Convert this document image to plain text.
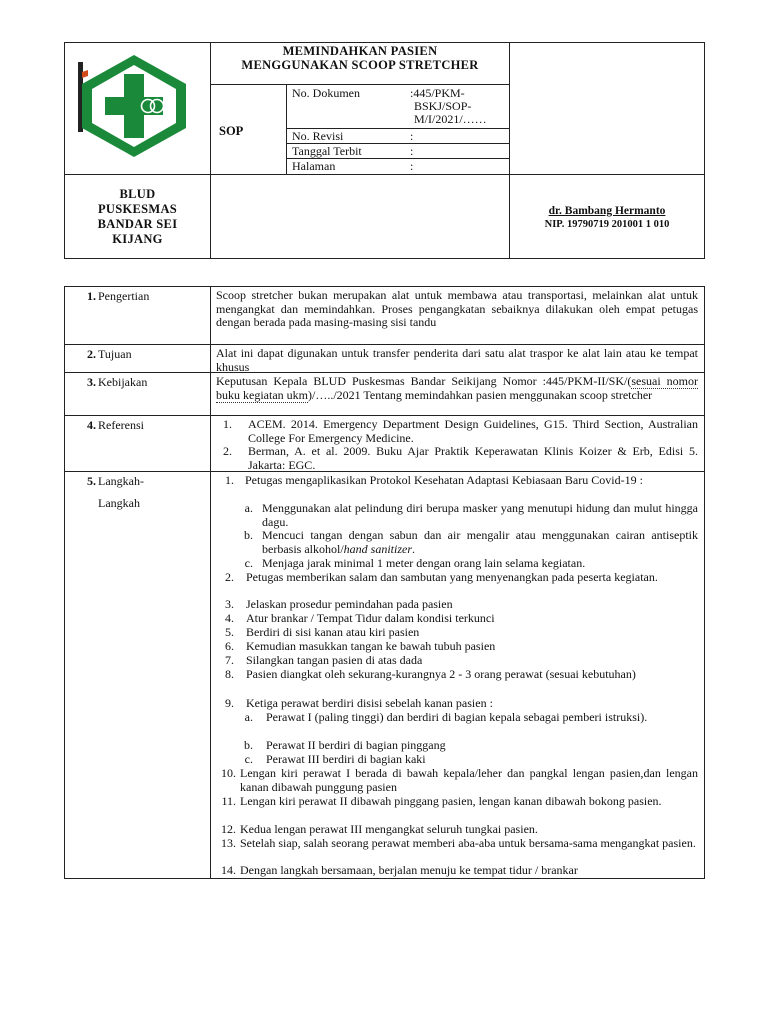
MEMINDAHKAN PASIEN
MENGGUNAKAN SCOOP STRETCHER
SOP
No. Dokumen	:445/PKM-
BSKJ/SOP-
M/I/2021/……
No. Revisi	:
Tanggal Terbit	:
Halaman	:
BLUD
PUSKESMAS
BANDAR SEI
KIJANG
dr. Bambang Hermanto
NIP. 19790719 201001 1 010
1. Pengertian	Scoop stretcher bukan merupakan alat untuk membawa atau transportasi, melainkan alat untuk mengangkat dan memindahkan. Proses pengangkatan sebaiknya dilakukan oleh empat petugas dengan berada pada masing-masing sisi tandu
2. Tujuan	Alat ini dapat digunakan untuk transfer penderita dari satu alat traspor ke alat lain atau ke tempat khusus
3. Kebijakan	Keputusan Kepala BLUD Puskesmas Bandar Seikijang Nomor :445/PKM-II/SK/(sesuai nomor buku kegiatan ukm)/…../2021 Tentang memindahkan pasien menggunakan scoop stretcher
4. Referensi	1. ACEM. 2014. Emergency Department Design Guidelines, G15. Third Section, Australian College For Emergency Medicine.
2. Berman, A. et al. 2009. Buku Ajar Praktik Keperawatan Klinis Koizer & Erb, Edisi 5. Jakarta: EGC.
5. Langkah-
Langkah
1. Petugas mengaplikasikan Protokol Kesehatan Adaptasi Kebiasaan Baru Covid-19 :
a. Menggunakan alat pelindung diri berupa masker yang menutupi hidung dan mulut hingga dagu.
b. Mencuci tangan dengan sabun dan air mengalir atau menggunakan cairan antiseptik berbasis alkohol/hand sanitizer.
c. Menjaga jarak minimal 1 meter dengan orang lain selama kegiatan.
2. Petugas memberikan salam dan sambutan yang menyenangkan pada peserta kegiatan.
3. Jelaskan prosedur pemindahan pada pasien
4. Atur brankar / Tempat Tidur dalam kondisi terkunci
5. Berdiri di sisi kanan atau kiri pasien
6. Kemudian masukkan tangan ke bawah tubuh pasien
7. Silangkan tangan pasien di atas dada
8. Pasien diangkat oleh sekurang-kurangnya 2 - 3 orang perawat (sesuai kebutuhan)
9. Ketiga perawat berdiri disisi sebelah kanan pasien :
a. Perawat I (paling tinggi) dan berdiri di bagian kepala sebagai pemberi istruksi).
b. Perawat II berdiri di bagian pinggang
c. Perawat III berdiri di bagian kaki
10. Lengan kiri perawat I berada di bawah kepala/leher dan pangkal lengan pasien,dan lengan kanan dibawah punggung pasien
11. Lengan kiri perawat II dibawah pinggang pasien, lengan kanan dibawah bokong pasien.
12. Kedua lengan perawat III mengangkat seluruh tungkai pasien.
13. Setelah siap, salah seorang perawat memberi aba-aba untuk bersama-sama mengangkat pasien.
14. Dengan langkah bersamaan, berjalan menuju ke tempat tidur / brankar
